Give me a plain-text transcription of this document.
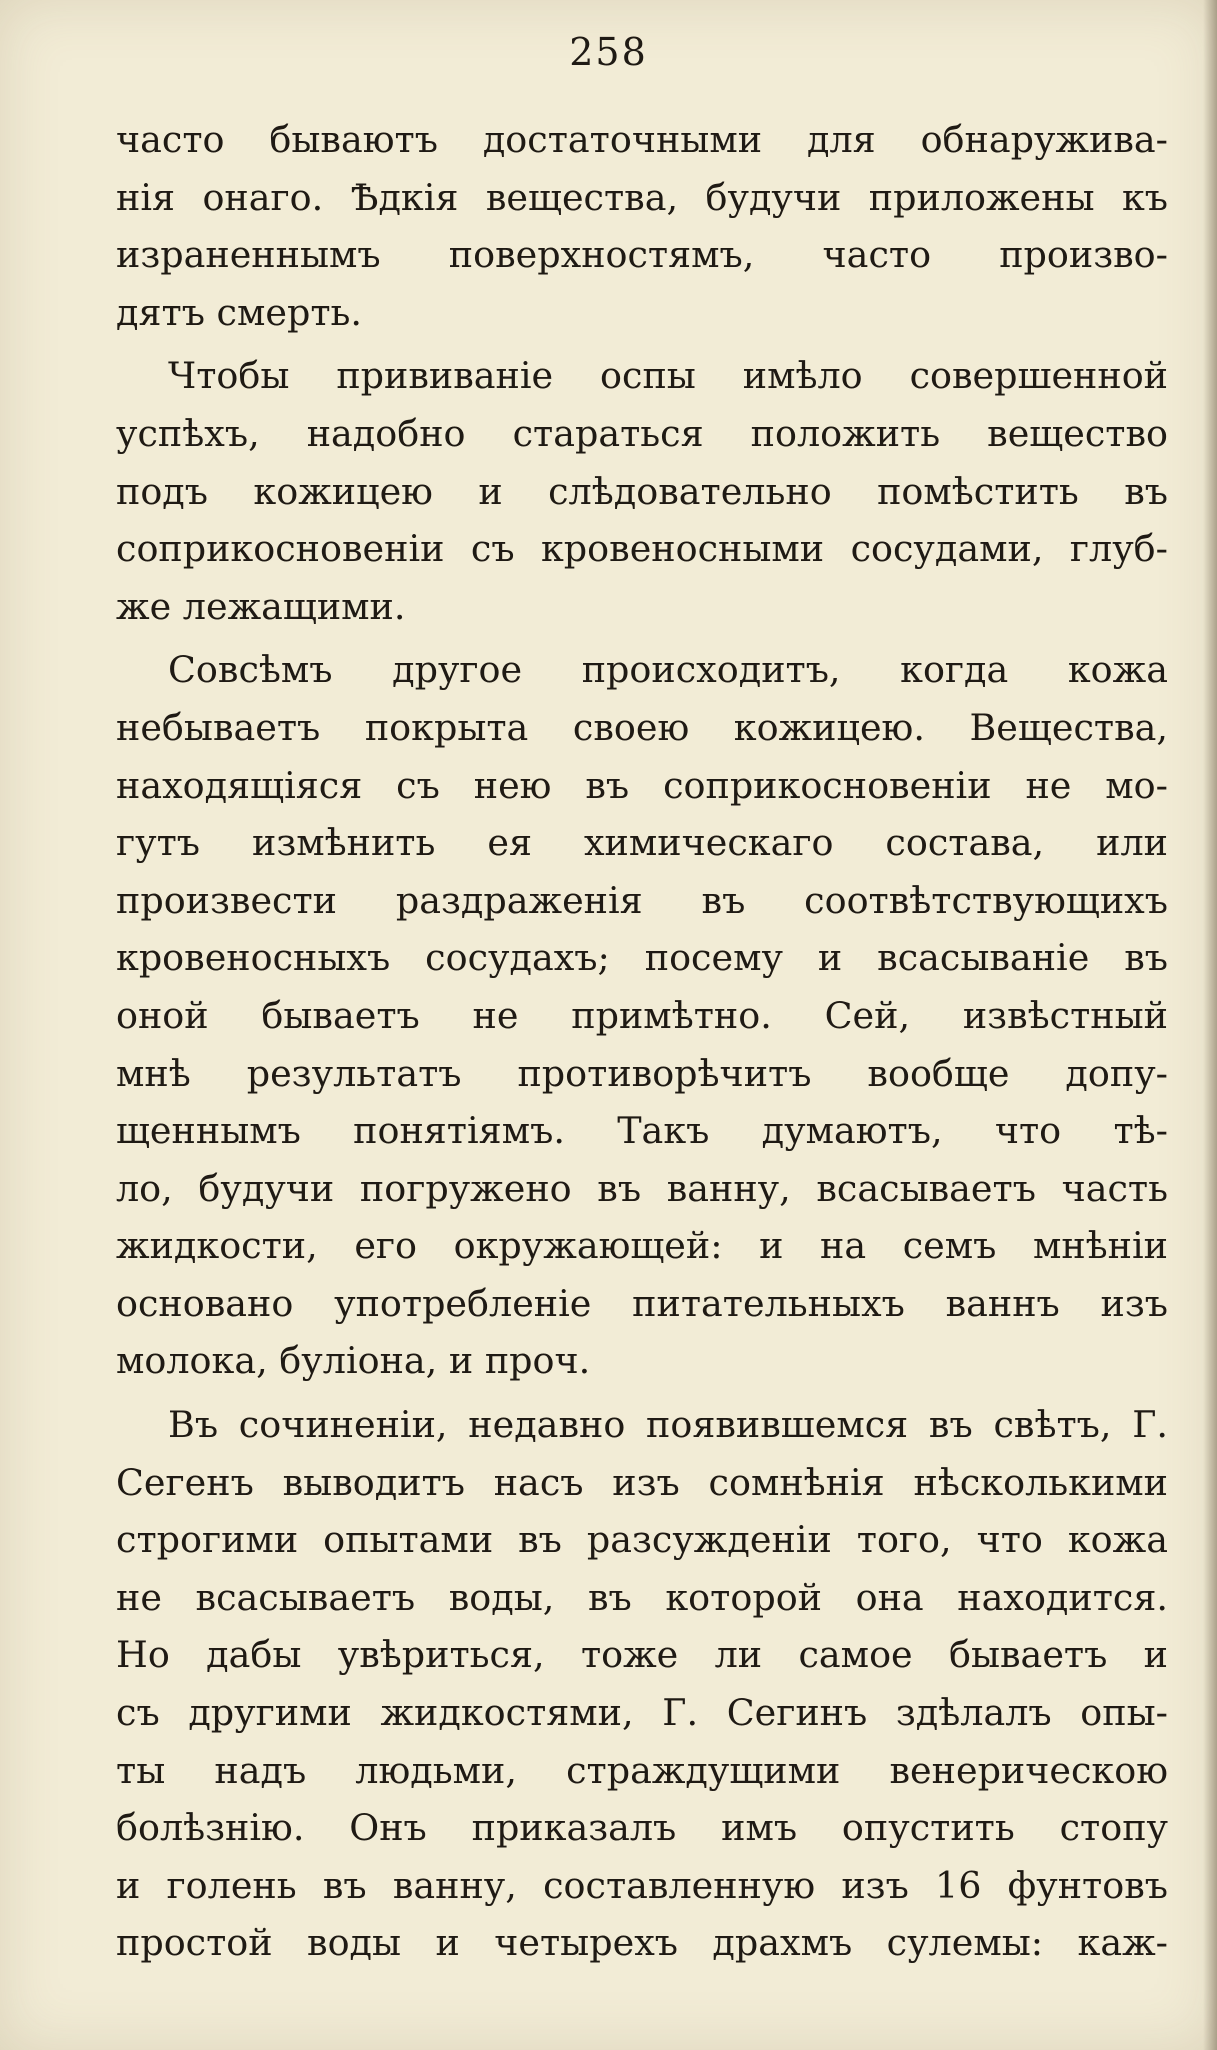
258
часто бываютъ достаточными для обнаружива-
нія онаго. Ѣдкія вещества, будучи приложены къ
израненнымъ поверхностямъ, часто произво-
дятъ смерть.
Чтобы прививаніе оспы имѣло совершенной
успѣхъ, надобно стараться положить вещество
подъ кожицею и слѣдовательно помѣстить въ
соприкосновеніи съ кровеносными сосудами, глуб-
же лежащими.
Совсѣмъ другое происходитъ, когда кожа
небываетъ покрыта своею кожицею. Вещества,
находящіяся съ нею въ соприкосновеніи не мо-
гутъ измѣнить ея химическаго состава, или
произвести раздраженія въ соотвѣтствующихъ
кровеносныхъ сосудахъ; посему и всасываніе въ
оной бываетъ не примѣтно. Сей, извѣстный
мнѣ результатъ противорѣчитъ вообще допу-
щеннымъ понятіямъ. Такъ думаютъ, что тѣ-
ло, будучи погружено въ ванну, всасываетъ часть
жидкости, его окружающей: и на семъ мнѣніи
основано употребленіе питательныхъ ваннъ изъ
молока, буліона, и проч.
Въ сочиненіи, недавно появившемся въ свѣтъ, Г.
Сегенъ выводитъ насъ изъ сомнѣнія нѣсколькими
строгими опытами въ разсужденіи того, что кожа
не всасываетъ воды, въ которой она находится.
Но дабы увѣриться, тоже ли самое бываетъ и
съ другими жидкостями, Г. Сегинъ здѣлалъ опы-
ты надъ людьми, страждущими венерическою
болѣзнію. Онъ приказалъ имъ опустить стопу
и голень въ ванну, составленную изъ 16 фунтовъ
простой воды и четырехъ драхмъ сулемы: каж-
